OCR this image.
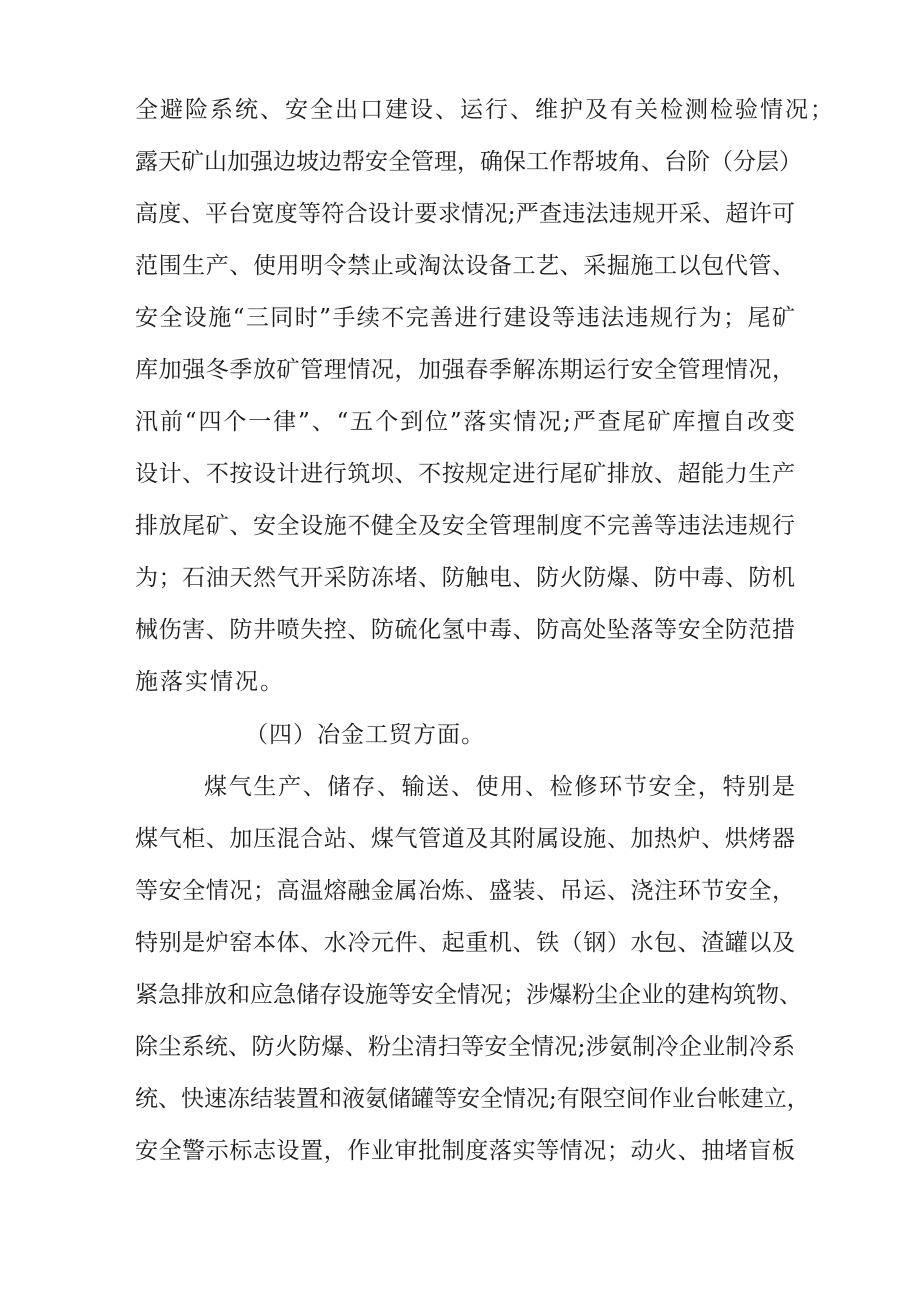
全避险系统、安全出口建设、运行、维护及有关检测检验情况；

露天矿山加强边坡边帮安全管理，确保工作帮坡角、台阶（分层）

高度、平台宽度等符合设计要求情况;严查违法违规开采、超许可

范围生产、使用明令禁止或淘汰设备工艺、采掘施工以包代管、

安全设施“三同时”手续不完善进行建设等违法违规行为；尾矿

库加强冬季放矿管理情况，加强春季解冻期运行安全管理情况，

汛前“四个一律”、“五个到位”落实情况;严查尾矿库擅自改变

设计、不按设计进行筑坝、不按规定进行尾矿排放、超能力生产

排放尾矿、安全设施不健全及安全管理制度不完善等违法违规行

为；石油天然气开采防冻堵、防触电、防火防爆、防中毒、防机

械伤害、防井喷失控、防硫化氢中毒、防高处坠落等安全防范措

施落实情况。

（四）冶金工贸方面。

煤气生产、储存、输送、使用、检修环节安全，特别是

煤气柜、加压混合站、煤气管道及其附属设施、加热炉、烘烤器

等安全情况；高温熔融金属冶炼、盛装、吊运、浇注环节安全，

特别是炉窑本体、水冷元件、起重机、铁（钢）水包、渣罐以及

紧急排放和应急储存设施等安全情况；涉爆粉尘企业的建构筑物、

除尘系统、防火防爆、粉尘清扫等安全情况;涉氨制冷企业制冷系

统、快速冻结装置和液氨储罐等安全情况;有限空间作业台帐建立，

安全警示标志设置，作业审批制度落实等情况；动火、抽堵盲板
